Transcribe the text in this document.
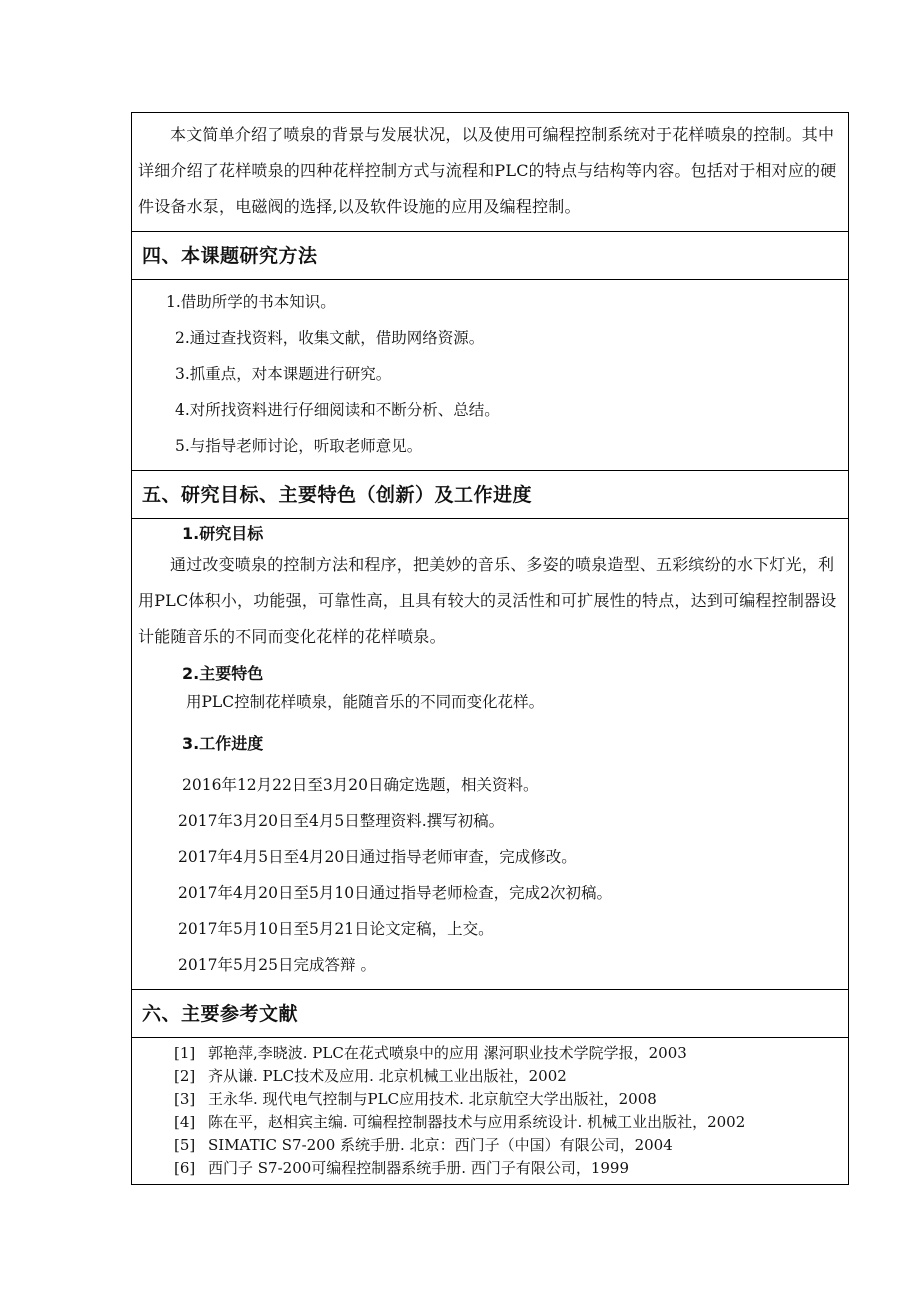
本文简单介绍了喷泉的背景与发展状况，以及使用可编程控制系统对于花样喷泉的控制。其中详细介绍了花样喷泉的四种花样控制方式与流程和PLC的特点与结构等内容。包括对于相对应的硬件设备水泵，电磁阀的选择,以及软件设施的应用及编程控制。
四、本课题研究方法
1.借助所学的书本知识。
2.通过查找资料，收集文献，借助网络资源。
3.抓重点，对本课题进行研究。
4.对所找资料进行仔细阅读和不断分析、总结。
5.与指导老师讨论，听取老师意见。
五、研究目标、主要特色（创新）及工作进度
1.研究目标
通过改变喷泉的控制方法和程序，把美妙的音乐、多姿的喷泉造型、五彩缤纷的水下灯光，利用PLC体积小，功能强，可靠性高，且具有较大的灵活性和可扩展性的特点，达到可编程控制器设计能随音乐的不同而变化花样的花样喷泉。
2.主要特色
用PLC控制花样喷泉，能随音乐的不同而变化花样。
3.工作进度
2016年12月22日至3月20日确定选题，相关资料。
2017年3月20日至4月5日整理资料.撰写初稿。
2017年4月5日至4月20日通过指导老师审查，完成修改。
2017年4月20日至5月10日通过指导老师检查，完成2次初稿。
2017年5月10日至5月21日论文定稿，上交。
2017年5月25日完成答辩 。
六、主要参考文献
[1] 郭艳萍,李晓波. PLC在花式喷泉中的应用 漯河职业技术学院学报，2003
[2] 齐从谦. PLC技术及应用. 北京机械工业出版社，2002
[3] 王永华. 现代电气控制与PLC应用技术. 北京航空大学出版社，2008
[4] 陈在平，赵相宾主编. 可编程控制器技术与应用系统设计. 机械工业出版社，2002
[5] SIMATIC S7-200 系统手册. 北京：西门子（中国）有限公司，2004
[6] 西门子 S7-200可编程控制器系统手册. 西门子有限公司，1999
